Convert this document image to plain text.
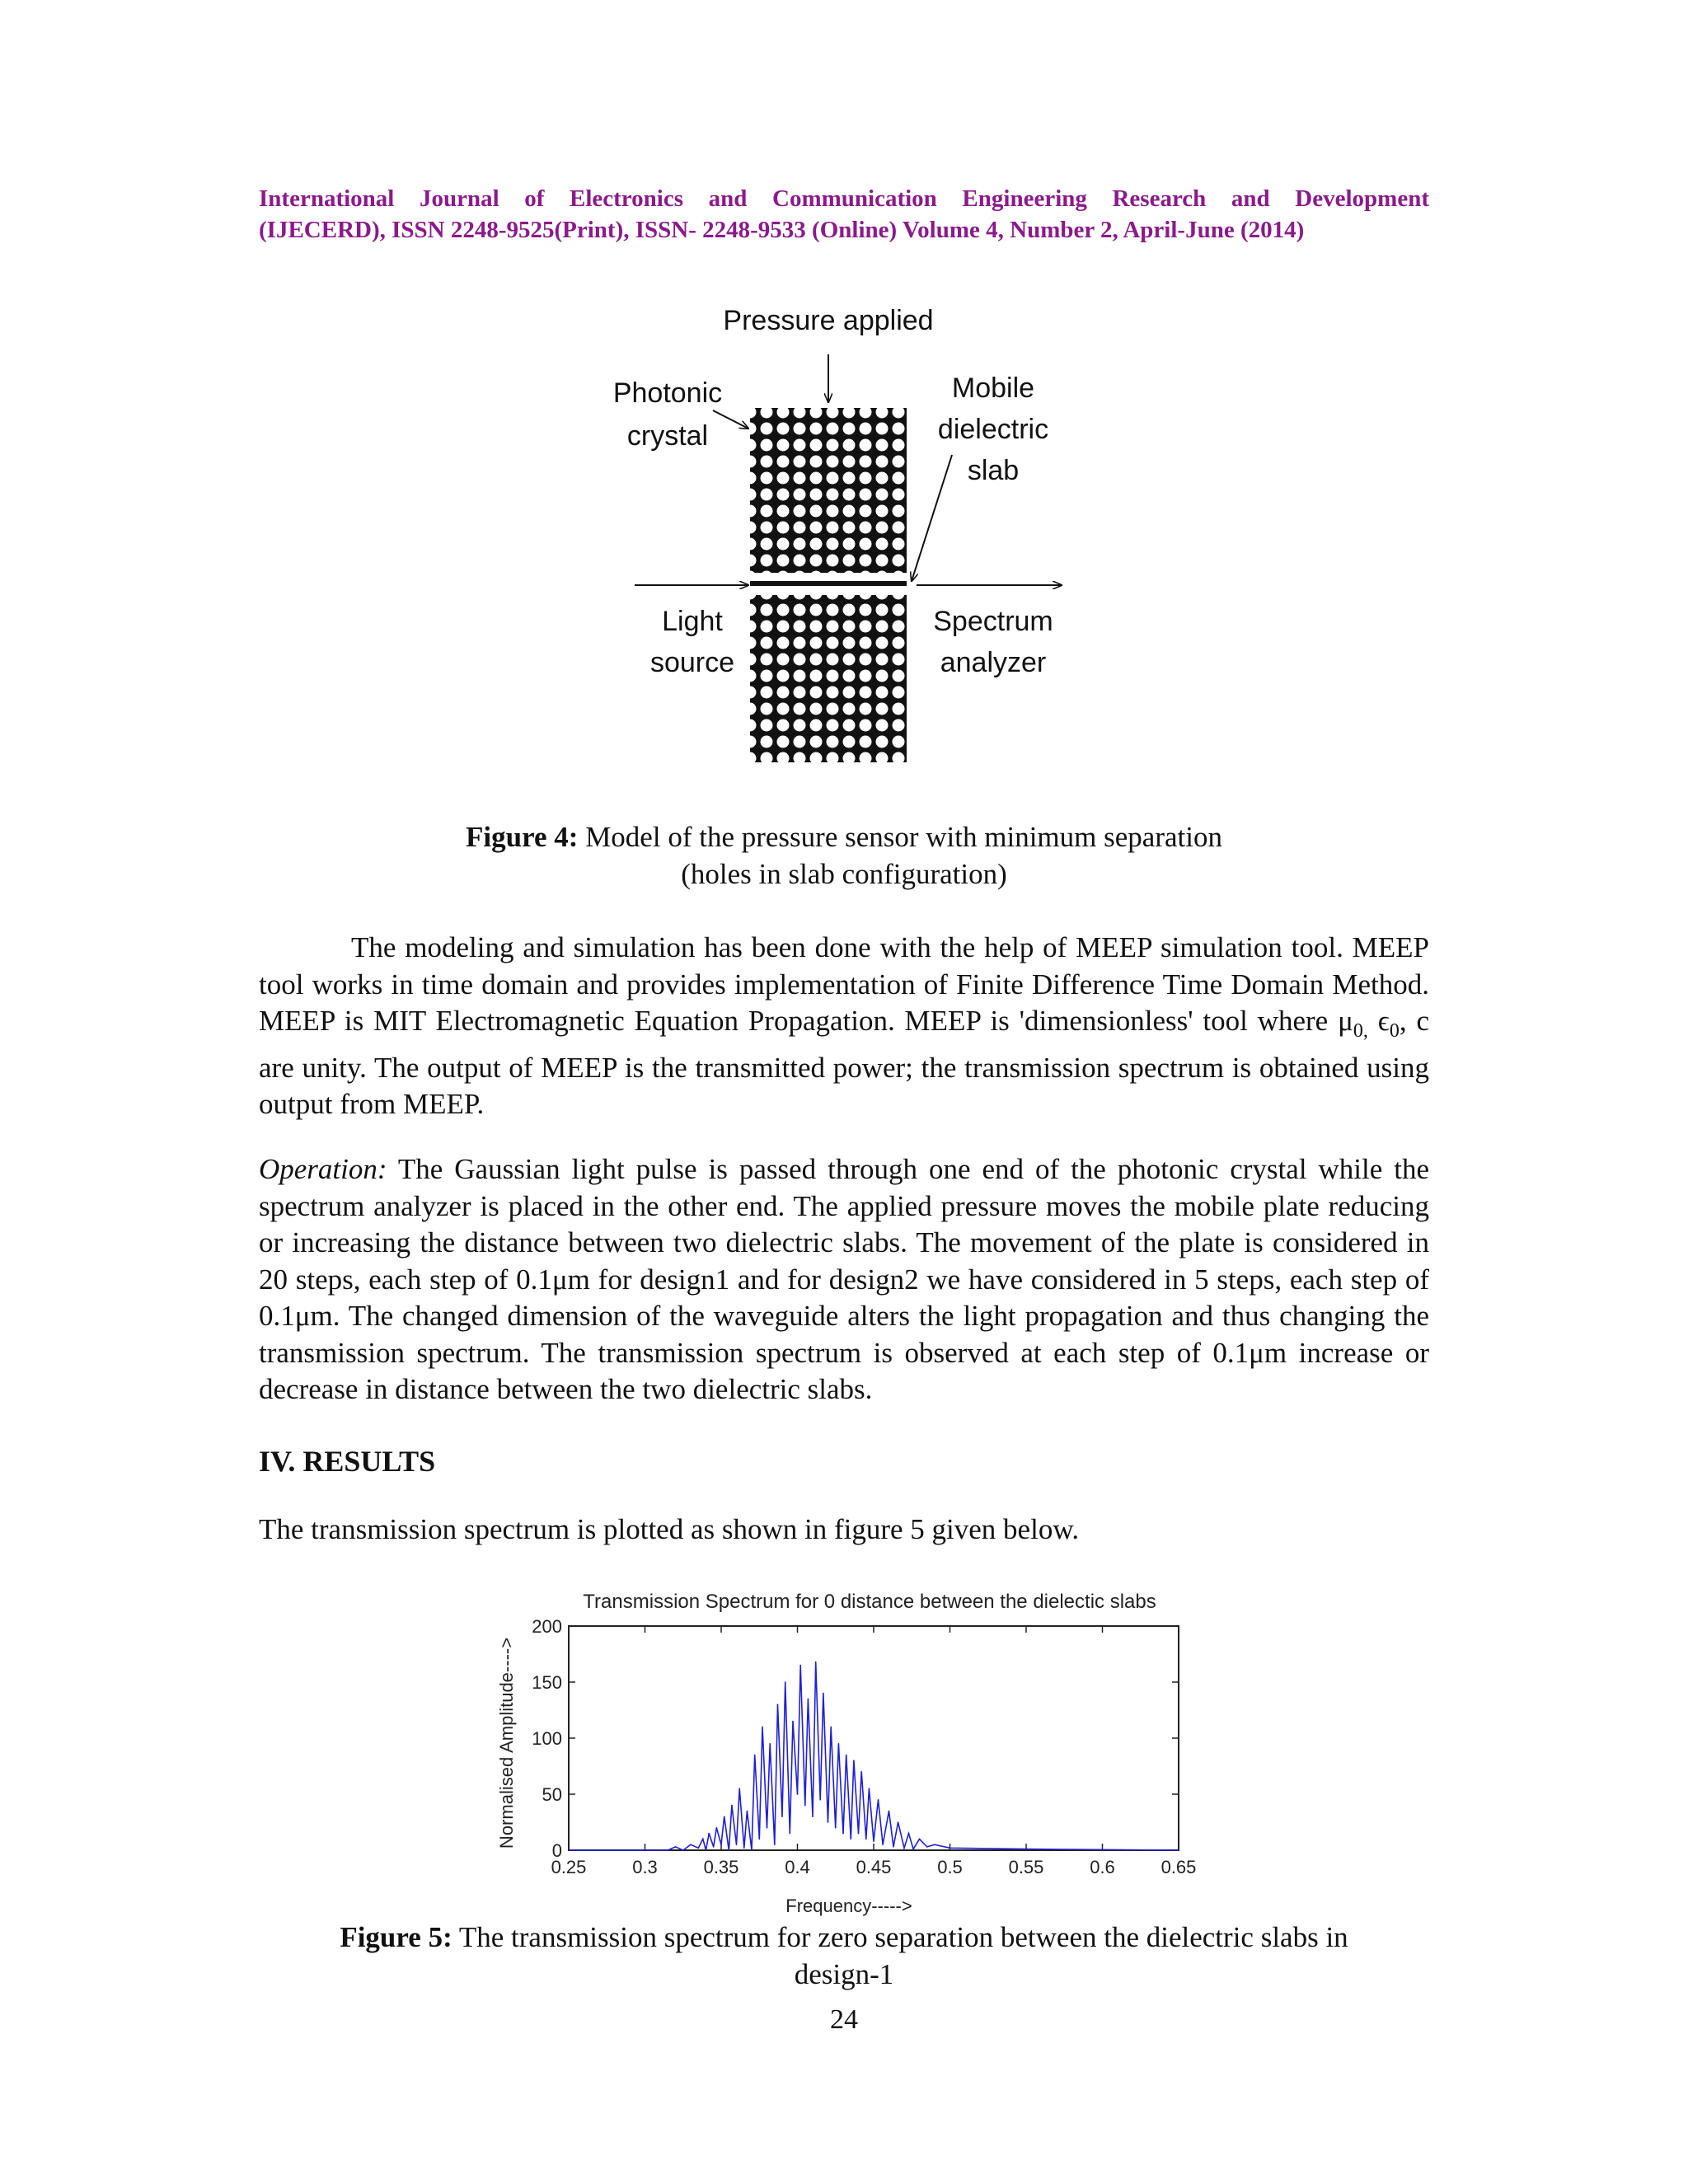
International Journal of Electronics and Communication Engineering Research and Development
(IJECERD), ISSN 2248-9525(Print), ISSN- 2248-9533 (Online) Volume 4, Number 2, April-June (2014)
Pressure applied
Photonic
crystal
Mobile
dielectric
slab
Light
source
Spectrum
analyzer
Figure 4: Model of the pressure sensor with minimum separation
(holes in slab configuration)

The modeling and simulation has been done with the help of MEEP simulation tool. MEEP tool works in time domain and provides implementation of Finite Difference Time Domain Method. MEEP is MIT Electromagnetic Equation Propagation. MEEP is 'dimensionless' tool where $\mu_{0,}$ $\epsilon_0$, c are unity. The output of MEEP is the transmitted power; the transmission spectrum is obtained using output from MEEP.

Operation: The Gaussian light pulse is passed through one end of the photonic crystal while the spectrum analyzer is placed in the other end. The applied pressure moves the mobile plate reducing or increasing the distance between two dielectric slabs. The movement of the plate is considered in 20 steps, each step of 0.1μm for design1 and for design2 we have considered in 5 steps, each step of 0.1μm. The changed dimension of the waveguide alters the light propagation and thus changing the transmission spectrum. The transmission spectrum is observed at each step of 0.1μm increase or decrease in distance between the two dielectric slabs.

IV. RESULTS

The transmission spectrum is plotted as shown in figure 5 given below.

Transmission Spectrum for 0 distance between the dielectic slabs
Normalised Amplitude---->
Frequency----->
0.25	0.3	0.35	0.4	0.45	0.5	0.55	0.6	0.65
0
50
100
150
200
Figure 5: The transmission spectrum for zero separation between the dielectric slabs in
design-1
24
